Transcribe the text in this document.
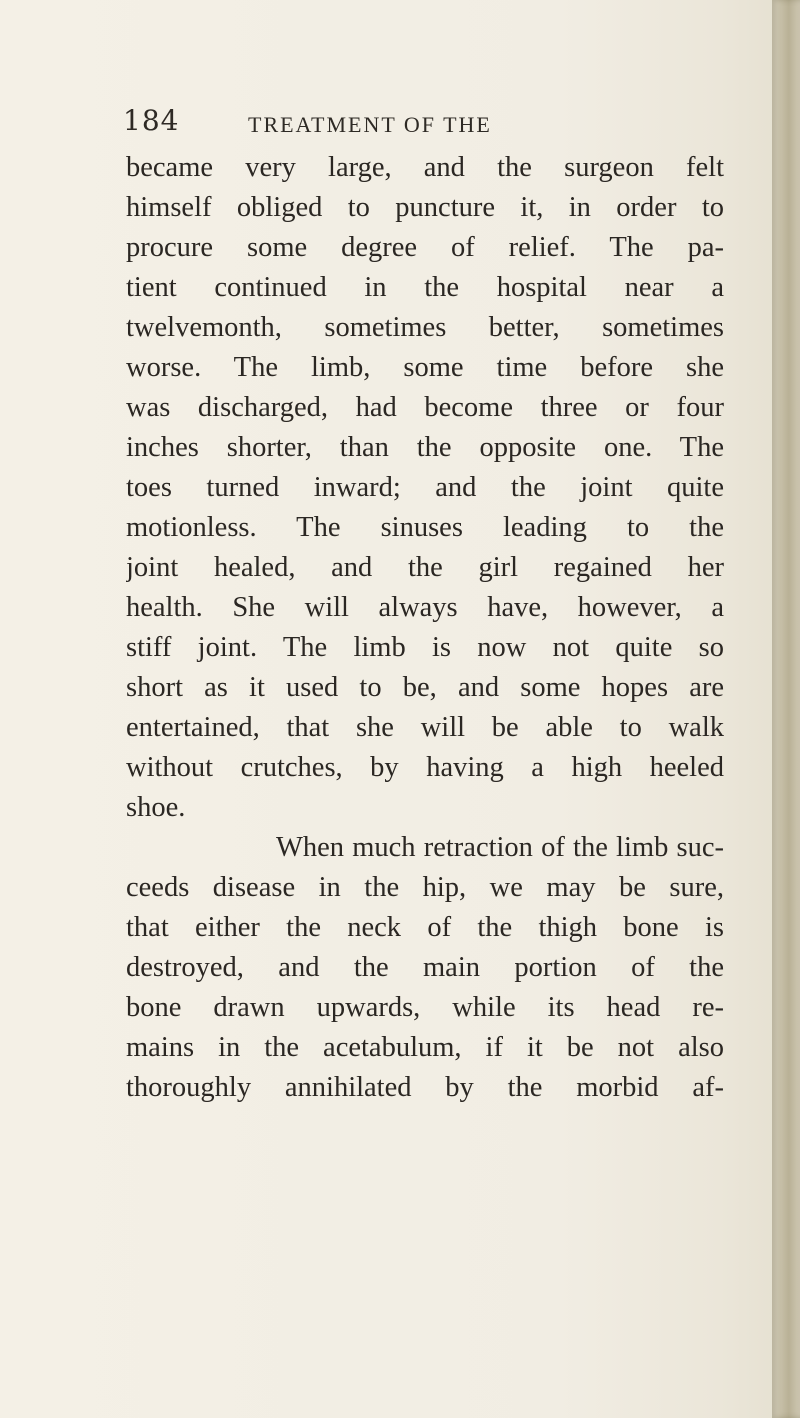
184	TREATMENT OF THE
became very large, and the surgeon felt
himself obliged to puncture it, in order to
procure some degree of relief. The pa-
tient continued in the hospital near a
twelvemonth, sometimes better, sometimes
worse. The limb, some time before she
was discharged, had become three or four
inches shorter, than the opposite one. The
toes turned inward; and the joint quite
motionless. The sinuses leading to the
joint healed, and the girl regained her
health. She will always have, however, a
stiff joint. The limb is now not quite so
short as it used to be, and some hopes are
entertained, that she will be able to walk
without crutches, by having a high heeled
shoe.
When much retraction of the limb suc-
ceeds disease in the hip, we may be sure,
that either the neck of the thigh bone is
destroyed, and the main portion of the
bone drawn upwards, while its head re-
mains in the acetabulum, if it be not also
thoroughly annihilated by the morbid af-
